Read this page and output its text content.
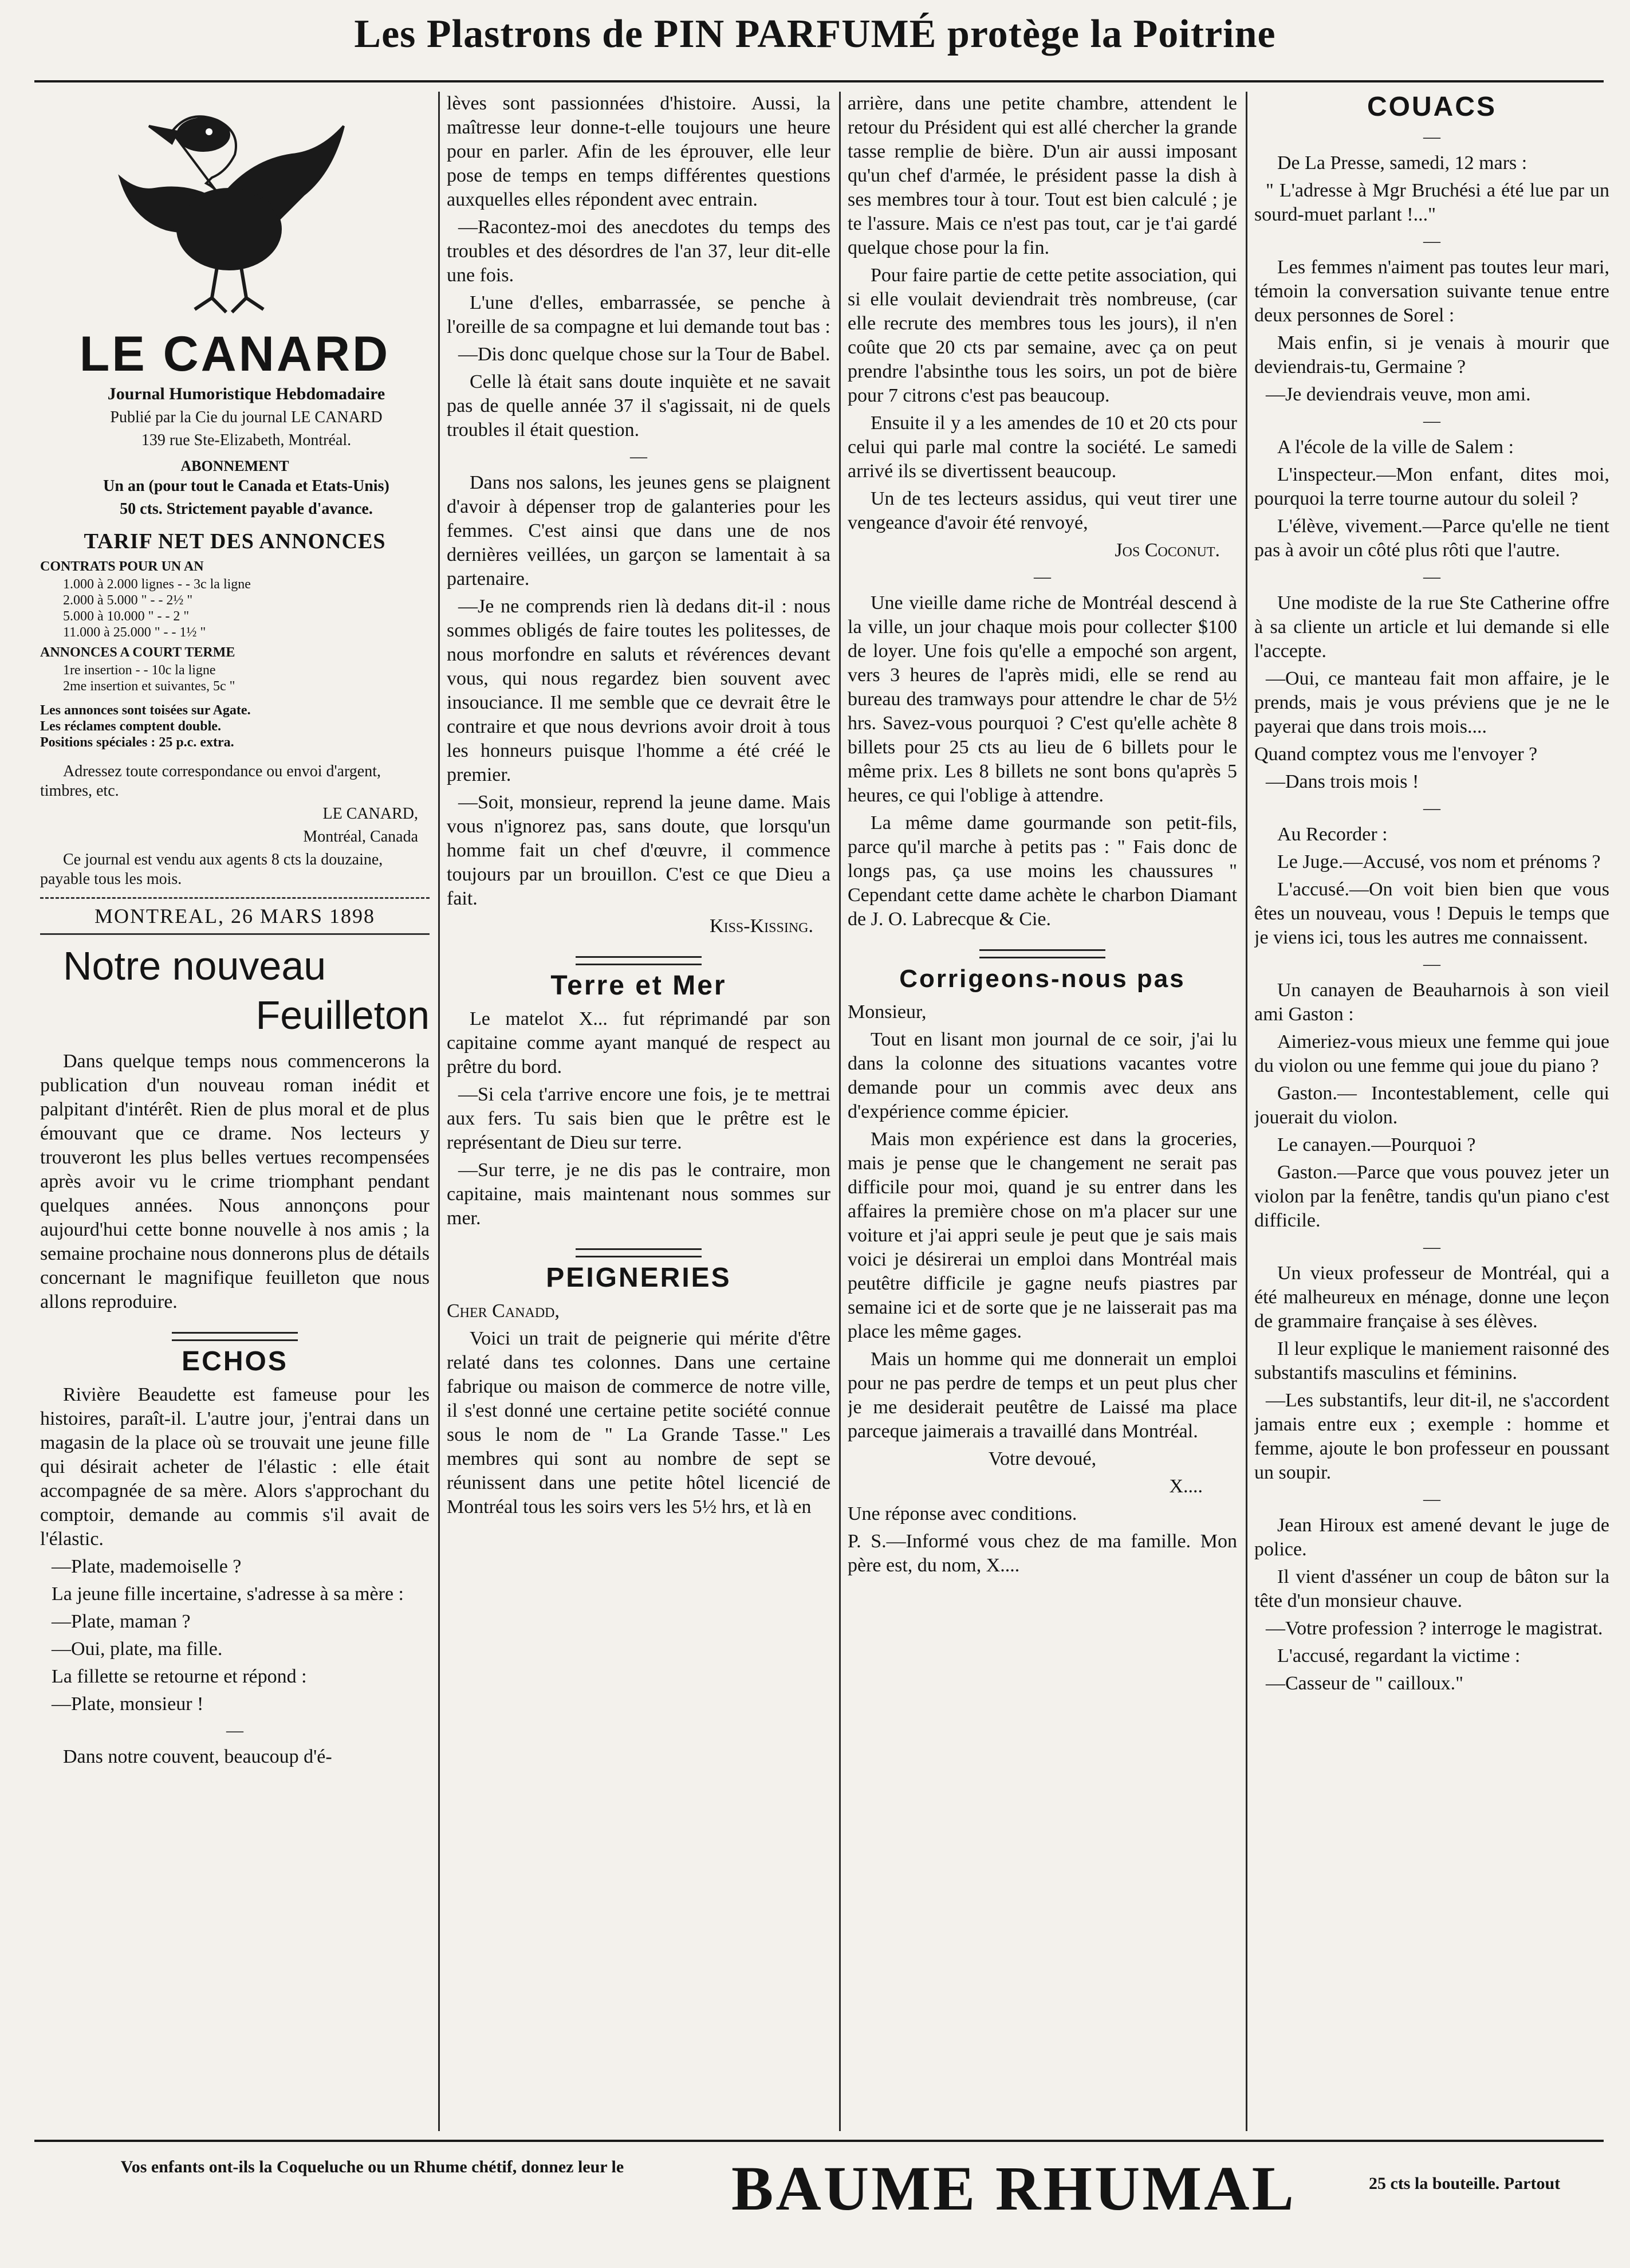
Les Plastrons de PIN PARFUMÉ protège la Poitrine
LE CANARD

Journal Humoristique Hebdomadaire

Publié par la Cie du journal LE CANARD

139 rue Ste-Elizabeth, Montréal.

ABONNEMENT

Un an (pour tout le Canada et Etats-Unis)

50 cts. Strictement payable d'avance.

TARIF NET DES ANNONCES
CONTRATS POUR UN AN
1.000 à 2.000 lignes - - 3c la ligne
2.000 à 5.000 " - - 2½ "
5.000 à 10.000 " - - 2 "
11.000 à 25.000 " - - 1½ "
ANNONCES A COURT TERME
1re insertion - - 10c la ligne
2me insertion et suivantes, 5c "
Les annonces sont toisées sur Agate.
Les réclames comptent double.
Positions spéciales : 25 p.c. extra.

Adressez toute correspondance ou envoi d'argent, timbres, etc.

LE CANARD,

Montréal, Canada

Ce journal est vendu aux agents 8 cts la douzaine, payable tous les mois.

MONTREAL, 26 MARS 1898

Notre nouveau

Feuilleton

Dans quelque temps nous commencerons la publication d'un nouveau roman inédit et palpitant d'intérêt. Rien de plus moral et de plus émouvant que ce drame. Nos lecteurs y trouveront les plus belles vertues recompensées après avoir vu le crime triomphant pendant quelques années. Nous annonçons pour aujourd'hui cette bonne nouvelle à nos amis ; la semaine prochaine nous donnerons plus de détails concernant le magnifique feuilleton que nous allons reproduire.

ECHOS

Rivière Beaudette est fameuse pour les histoires, paraît-il. L'autre jour, j'entrai dans un magasin de la place où se trouvait une jeune fille qui désirait acheter de l'élastic : elle était accompagnée de sa mère. Alors s'approchant du comptoir, demande au commis s'il avait de l'élastic.

—Plate, mademoiselle ?

La jeune fille incertaine, s'adresse à sa mère :

—Plate, maman ?

—Oui, plate, ma fille.

La fillette se retourne et répond :

—Plate, monsieur !

—

Dans notre couvent, beaucoup d'é-

lèves sont passionnées d'histoire. Aussi, la maîtresse leur donne-t-elle toujours une heure pour en parler. Afin de les éprouver, elle leur pose de temps en temps différentes questions auxquelles elles répondent avec entrain.

—Racontez-moi des anecdotes du temps des troubles et des désordres de l'an 37, leur dit-elle une fois.

L'une d'elles, embarrassée, se penche à l'oreille de sa compagne et lui demande tout bas :

—Dis donc quelque chose sur la Tour de Babel.

Celle là était sans doute inquiète et ne savait pas de quelle année 37 il s'agissait, ni de quels troubles il était question.

—

Dans nos salons, les jeunes gens se plaignent d'avoir à dépenser trop de galanteries pour les femmes. C'est ainsi que dans une de nos dernières veillées, un garçon se lamentait à sa partenaire.

—Je ne comprends rien là dedans dit-il : nous sommes obligés de faire toutes les politesses, de nous morfondre en saluts et révérences devant vous, qui nous regardez bien souvent avec insouciance. Il me semble que ce devrait être le contraire et que nous devrions avoir droit à tous les honneurs puisque l'homme a été créé le premier.

—Soit, monsieur, reprend la jeune dame. Mais vous n'ignorez pas, sans doute, que lorsqu'un homme fait un chef d'œuvre, il commence toujours par un brouillon. C'est ce que Dieu a fait.

Kiss-Kissing.

Terre et Mer

Le matelot X... fut réprimandé par son capitaine comme ayant manqué de respect au prêtre du bord.

—Si cela t'arrive encore une fois, je te mettrai aux fers. Tu sais bien que le prêtre est le représentant de Dieu sur terre.

—Sur terre, je ne dis pas le contraire, mon capitaine, mais maintenant nous sommes sur mer.

PEIGNERIES

Cher Canadd,

Voici un trait de peignerie qui mérite d'être relaté dans tes colonnes. Dans une certaine fabrique ou maison de commerce de notre ville, il s'est donné une certaine petite société connue sous le nom de " La Grande Tasse." Les membres qui sont au nombre de sept se réunissent dans une petite hôtel licencié de Montréal tous les soirs vers les 5½ hrs, et là en

arrière, dans une petite chambre, attendent le retour du Président qui est allé chercher la grande tasse remplie de bière. D'un air aussi imposant qu'un chef d'armée, le président passe la dish à ses membres tour à tour. Tout est bien calculé ; je te l'assure. Mais ce n'est pas tout, car je t'ai gardé quelque chose pour la fin.

Pour faire partie de cette petite association, qui si elle voulait deviendrait très nombreuse, (car elle recrute des membres tous les jours), il n'en coûte que 20 cts par semaine, avec ça on peut prendre l'absinthe tous les soirs, un pot de bière pour 7 citrons c'est pas beaucoup.

Ensuite il y a les amendes de 10 et 20 cts pour celui qui parle mal contre la société. Le samedi arrivé ils se divertissent beaucoup.

Un de tes lecteurs assidus, qui veut tirer une vengeance d'avoir été renvoyé,

Jos Coconut.

—

Une vieille dame riche de Montréal descend à la ville, un jour chaque mois pour collecter $100 de loyer. Une fois qu'elle a empoché son argent, vers 3 heures de l'après midi, elle se rend au bureau des tramways pour attendre le char de 5½ hrs. Savez-vous pourquoi ? C'est qu'elle achète 8 billets pour 25 cts au lieu de 6 billets pour le même prix. Les 8 billets ne sont bons qu'après 5 heures, ce qui l'oblige à attendre.

La même dame gourmande son petit-fils, parce qu'il marche à petits pas : " Fais donc de longs pas, ça use moins les chaussures " Cependant cette dame achète le charbon Diamant de J. O. Labrecque & Cie.

Corrigeons-nous pas

Monsieur,

Tout en lisant mon journal de ce soir, j'ai lu dans la colonne des situations vacantes votre demande pour un commis avec deux ans d'expérience comme épicier.

Mais mon expérience est dans la groceries, mais je pense que le changement ne serait pas difficile pour moi, quand je su entrer dans les affaires la première chose on m'a placer sur une voiture et j'ai appri seule je peut que je sais mais voici je désirerai un emploi dans Montréal mais peutêtre difficile je gagne neufs piastres par semaine ici et de sorte que je ne laisserait pas ma place les même gages.

Mais un homme qui me donnerait un emploi pour ne pas perdre de temps et un peut plus cher je me desiderait peutêtre de Laissé ma place parceque jaimerais a travaillé dans Montréal.

Votre devoué,

X....

Une réponse avec conditions.

P. S.—Informé vous chez de ma famille. Mon père est, du nom, X....

COUACS
—

De La Presse, samedi, 12 mars :

" L'adresse à Mgr Bruchési a été lue par un sourd-muet parlant !..."

—

Les femmes n'aiment pas toutes leur mari, témoin la conversation suivante tenue entre deux personnes de Sorel :

Mais enfin, si je venais à mourir que deviendrais-tu, Germaine ?

—Je deviendrais veuve, mon ami.

—

A l'école de la ville de Salem :

L'inspecteur.—Mon enfant, dites moi, pourquoi la terre tourne autour du soleil ?

L'élève, vivement.—Parce qu'elle ne tient pas à avoir un côté plus rôti que l'autre.

—

Une modiste de la rue Ste Catherine offre à sa cliente un article et lui demande si elle l'accepte.

—Oui, ce manteau fait mon affaire, je le prends, mais je vous préviens que je ne le payerai que dans trois mois....

Quand comptez vous me l'envoyer ?

—Dans trois mois !

—

Au Recorder :

Le Juge.—Accusé, vos nom et prénoms ?

L'accusé.—On voit bien bien que vous êtes un nouveau, vous ! Depuis le temps que je viens ici, tous les autres me connaissent.

—

Un canayen de Beauharnois à son vieil ami Gaston :

Aimeriez-vous mieux une femme qui joue du violon ou une femme qui joue du piano ?

Gaston.— Incontestablement, celle qui jouerait du violon.

Le canayen.—Pourquoi ?

Gaston.—Parce que vous pouvez jeter un violon par la fenêtre, tandis qu'un piano c'est difficile.

—

Un vieux professeur de Montréal, qui a été malheureux en ménage, donne une leçon de grammaire française à ses élèves.

Il leur explique le maniement raisonné des substantifs masculins et féminins.

—Les substantifs, leur dit-il, ne s'accordent jamais entre eux ; exemple : homme et femme, ajoute le bon professeur en poussant un soupir.

—

Jean Hiroux est amené devant le juge de police.

Il vient d'asséner un coup de bâton sur la tête d'un monsieur chauve.

—Votre profession ? interroge le magistrat.

L'accusé, regardant la victime :

—Casseur de " cailloux."

Vos enfants ont-ils la Coqueluche ou un Rhume chétif, donnez leur le	BAUME RHUMAL	25 cts la bouteille. Partout
